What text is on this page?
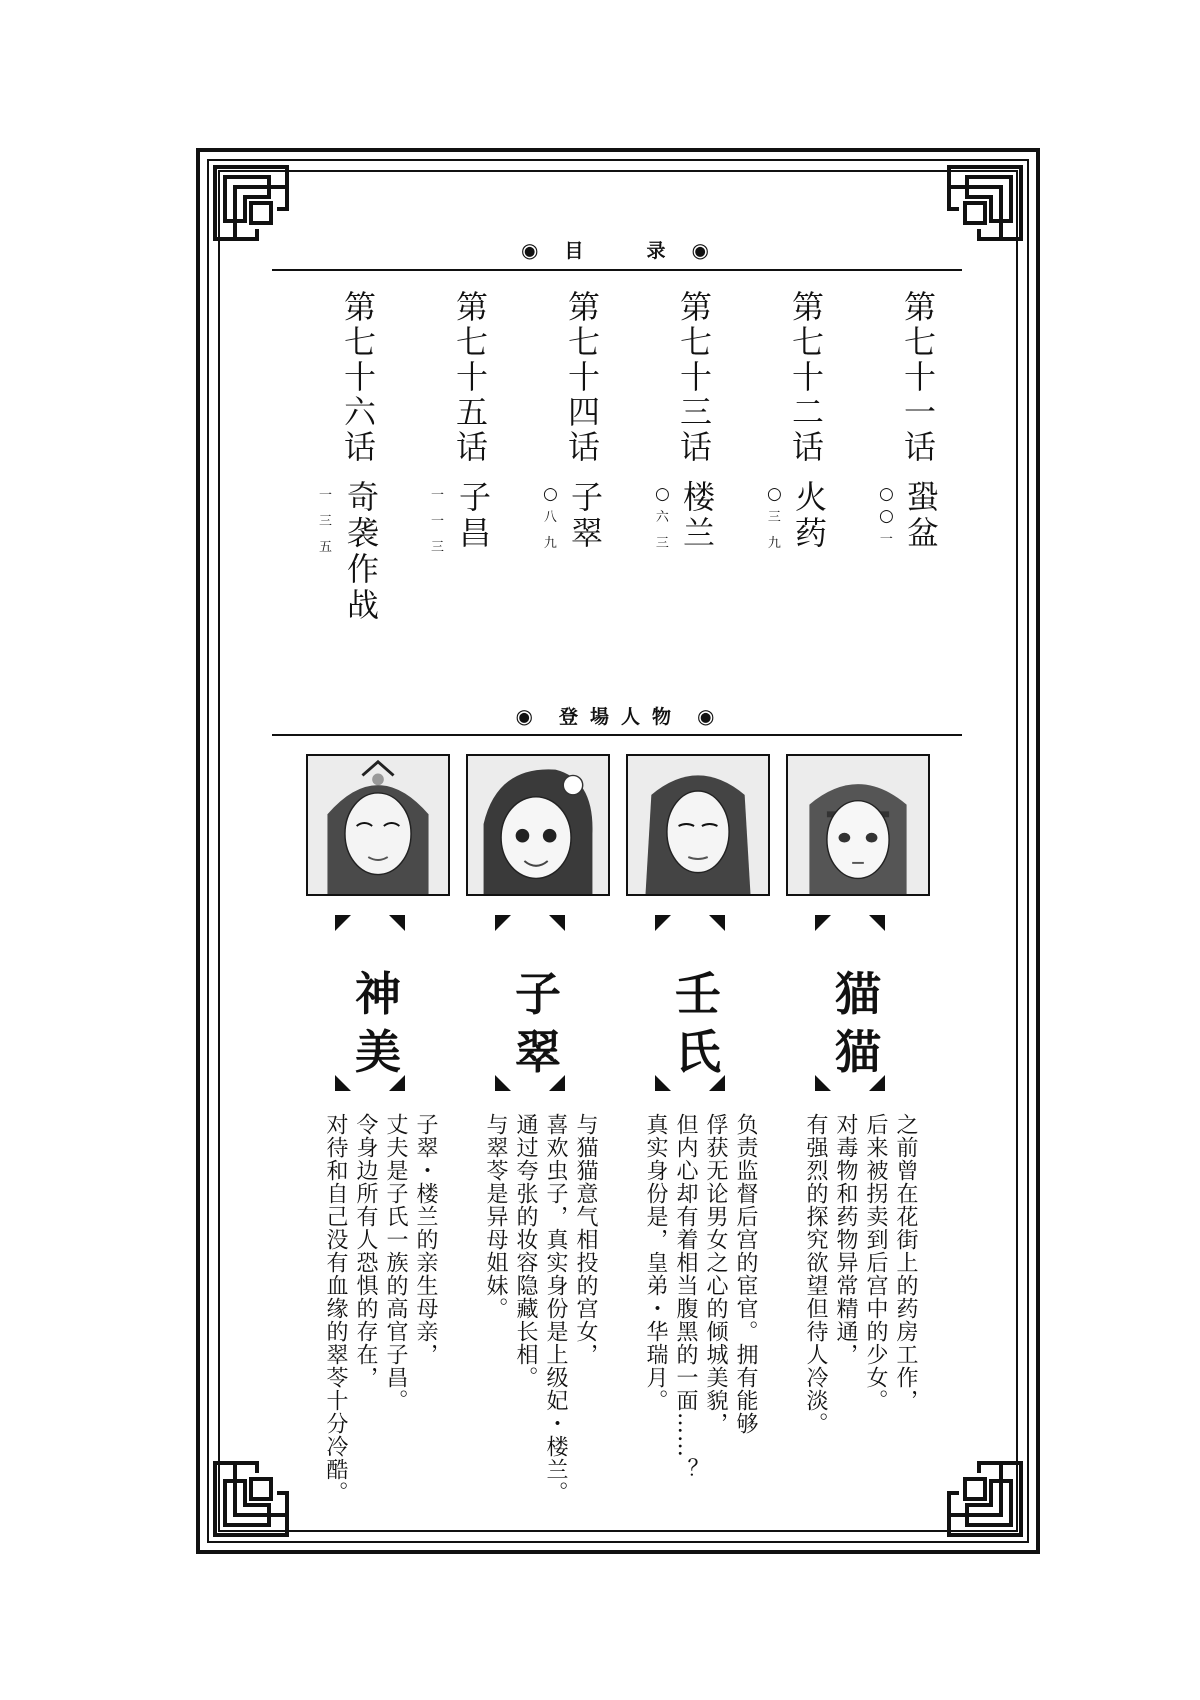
◉ 目　录 ◉
第
七
十
一
话
○
○
一
蛩
盆
第
七
十
二
话
○
三
九
火
药
第
七
十
三
话
○
六
三
楼
兰
第
七
十
四
话
○
八
九
子
翠
第
七
十
五
话
一
一
三
子
昌
第
七
十
六
话
一
三
五
奇
袭
作
战
◉ 登場人物 ◉
猫
猫
之前曾在花街上的药房工作，
后来被拐卖到后宫中的少女。
对毒物和药物异常精通，
有强烈的探究欲望但待人冷淡。
壬
氏
负责监督后宫的宦官。拥有能够
俘获无论男女之心的倾城美貌，
但内心却有着相当腹黑的一面……？
真实身份是，皇弟・华瑞月。
子
翠
与猫猫意气相投的宫女，
喜欢虫子，真实身份是上级妃・楼兰。
通过夸张的妆容隐藏长相。
与翠苓是异母姐妹。
神
美
子翠・楼兰的亲生母亲，
丈夫是子氏一族的高官子昌。
令身边所有人恐惧的存在，
对待和自己没有血缘的翠苓十分冷酷。
